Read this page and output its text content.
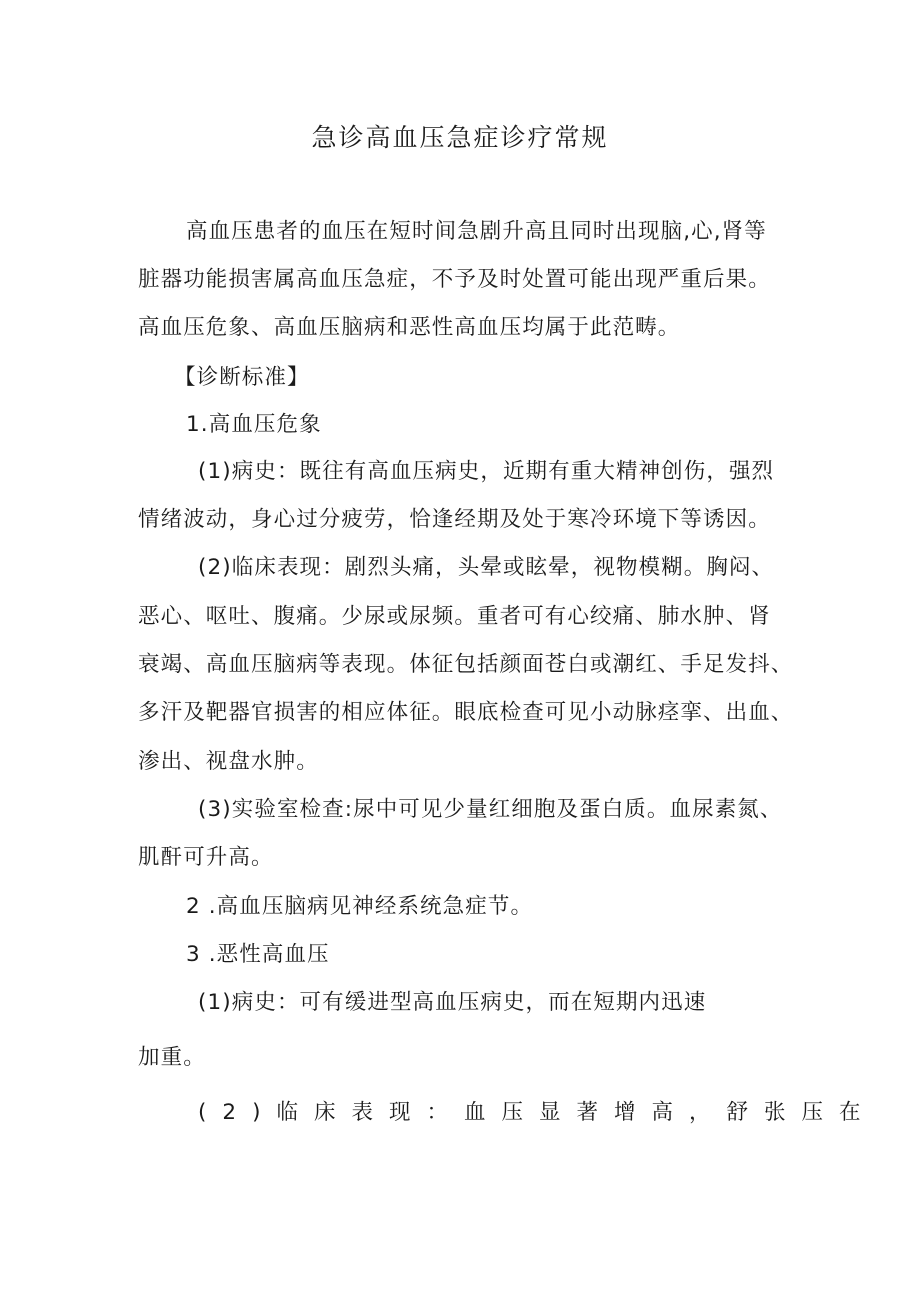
急诊高血压急症诊疗常规
高血压患者的血压在短时间急剧升高且同时出现脑,心,肾等
脏器功能损害属高血压急症，不予及时处置可能出现严重后果。
高血压危象、高血压脑病和恶性高血压均属于此范畴。
【诊断标准】
1.高血压危象
(1)病史：既往有高血压病史，近期有重大精神创伤，强烈
情绪波动，身心过分疲劳，恰逢经期及处于寒冷环境下等诱因。
(2)临床表现：剧烈头痛，头晕或眩晕，视物模糊。胸闷、
恶心、呕吐、腹痛。少尿或尿频。重者可有心绞痛、肺水肿、肾
衰竭、高血压脑病等表现。体征包括颜面苍白或潮红、手足发抖、
多汗及靶器官损害的相应体征。眼底检查可见小动脉痉挛、出血、
渗出、视盘水肿。
(3)实验室检查:尿中可见少量红细胞及蛋白质。血尿素氮、
肌酐可升高。
2 .高血压脑病见神经系统急症节。
3 .恶性高血压
(1)病史：可有缓进型高血压病史，而在短期内迅速
加重。
(2)临床表现：血压显著增高，舒张压在
